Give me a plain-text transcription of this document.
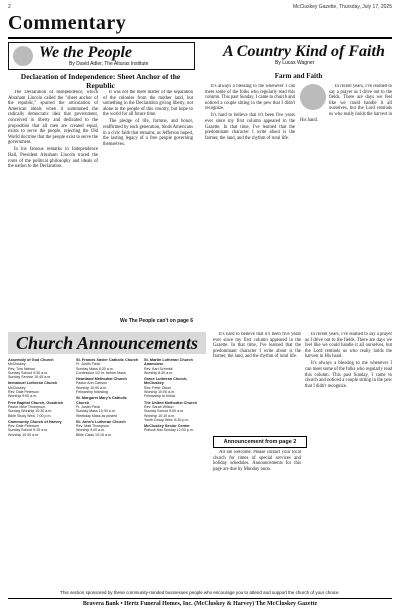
2	McCluskey Gazette, Thursday, July 17, 2025
Commentary
We the People
By David Adler, The Alturas Institute
Declaration of Independence: Sheet Anchor of the Republic

The Declaration of Independence, which Abraham Lincoln called the "sheet anchor of the republic," spurred the articulation of American ideals when it summoned the radically democratic idea that government, conceived in liberty and dedicated to the proposition that all men are created equal, exists to serve the people, rejecting the Old World doctrine that the people exist to serve the government.

In his famous remarks in Independence Hall, President Abraham Lincoln traced the roots of the political philosophy and ideals of the nation to the Declaration.

It was not the mere matter of the separation of the colonies from the mother land, but something in the Declaration giving liberty, not alone to the people of this country, but hope to the world for all future time.

The pledge of life, fortune, and honor, reaffirmed by each generation, binds Americans in a civic faith that remains, as Jefferson hoped, the lasting legacy of a free people governing themselves.

We The People can't on page 6
A Country Kind of Faith
By Lucas Wagner
Farm and Faith

It's always a blessing to me whenever I can meet some of the folks who regularly read this column. This past Sunday, I came to church and noticed a couple sitting in the pew that I didn't recognize.

It's hard to believe that it's been five years ever since my first column appeared in the Gazette. In that time, I've learned that the predominant character I write about is the farmer, the land, and the rhythm of rural life.

In recent years, I've learned to say a prayer as I drive out to the fields. There are days we feel like we could handle it all ourselves, but the Lord reminds us who really holds the harvest in His hand.

Church Announcements
Assembly of God Church
McCluskey
Rev. Tom Nelson
Sunday School 9:30 a.m.
Sunday Service 10:45 a.m.
Immanuel Lutheran Church
McCluskey
Rev. Dale Peterson
Worship 9:00 a.m.
Free Baptist Church, Goodrich
Pastor Mike Thompson
Sunday Worship 10:30 a.m.
Bible Study Wed. 7:00 p.m.
Community Church of Harvey
Rev. Dale Peterson
Sunday School 9:15 a.m.
Worship 10:30 a.m.
St. Francis Xavier Catholic Church
Fr. Justin Fleck
Sunday Mass 8:30 a.m.
Confession 1/2 hr. before Mass
Heartland Methodist Church
Pastor Ann Carlson
Worship 10:00 a.m.
Fellowship following
St. Margaret Mary's Catholic Church
Fr. Justin Fleck
Sunday Mass 10:30 a.m.
Weekday Mass as posted
St. John's Lutheran Church
Rev. Matt Thompson
Worship 9:00 a.m.
Bible Class 10:15 a.m.
St. Martin Lutheran Church Anamoose
Rev. Karl Schmidt
Worship 8:30 a.m.
Grace Lutheran Church, McCluskey
Rev. Peter Olson
Worship 10:00 a.m.
Fellowship to follow
The United Methodist Church
Rev. Sarah Wilson
Sunday School 9:00 a.m.
Worship 10:15 a.m.
Youth Group Wed. 6:30 p.m.
McCluskey Senior Center
Potluck first Sunday 12:00 p.m.

It's hard to believe that it's been five years ever since my first column appeared in the Gazette. In that time, I've learned that the predominant character I write about is the farmer, the land, and the rhythm of rural life.

In recent years, I've learned to say a prayer as I drive out to the fields. There are days we feel like we could handle it all ourselves, but the Lord reminds us who really holds the harvest in His hand.

It's always a blessing to me whenever I can meet some of the folks who regularly read this column. This past Sunday, I came to church and noticed a couple sitting in the pew that I didn't recognize.

Announcement from page 2

All are welcome. Please contact your local church for times of special services and holiday schedules. Announcements for this page are due by Monday noon.

This section sponsored by these community-minded businesses people who encourage you to attend and support the church of your choice.
Bravera Bank • Hertz Funeral Homes, Inc. (McCluskey & Harvey) The McCluskey Gazette
